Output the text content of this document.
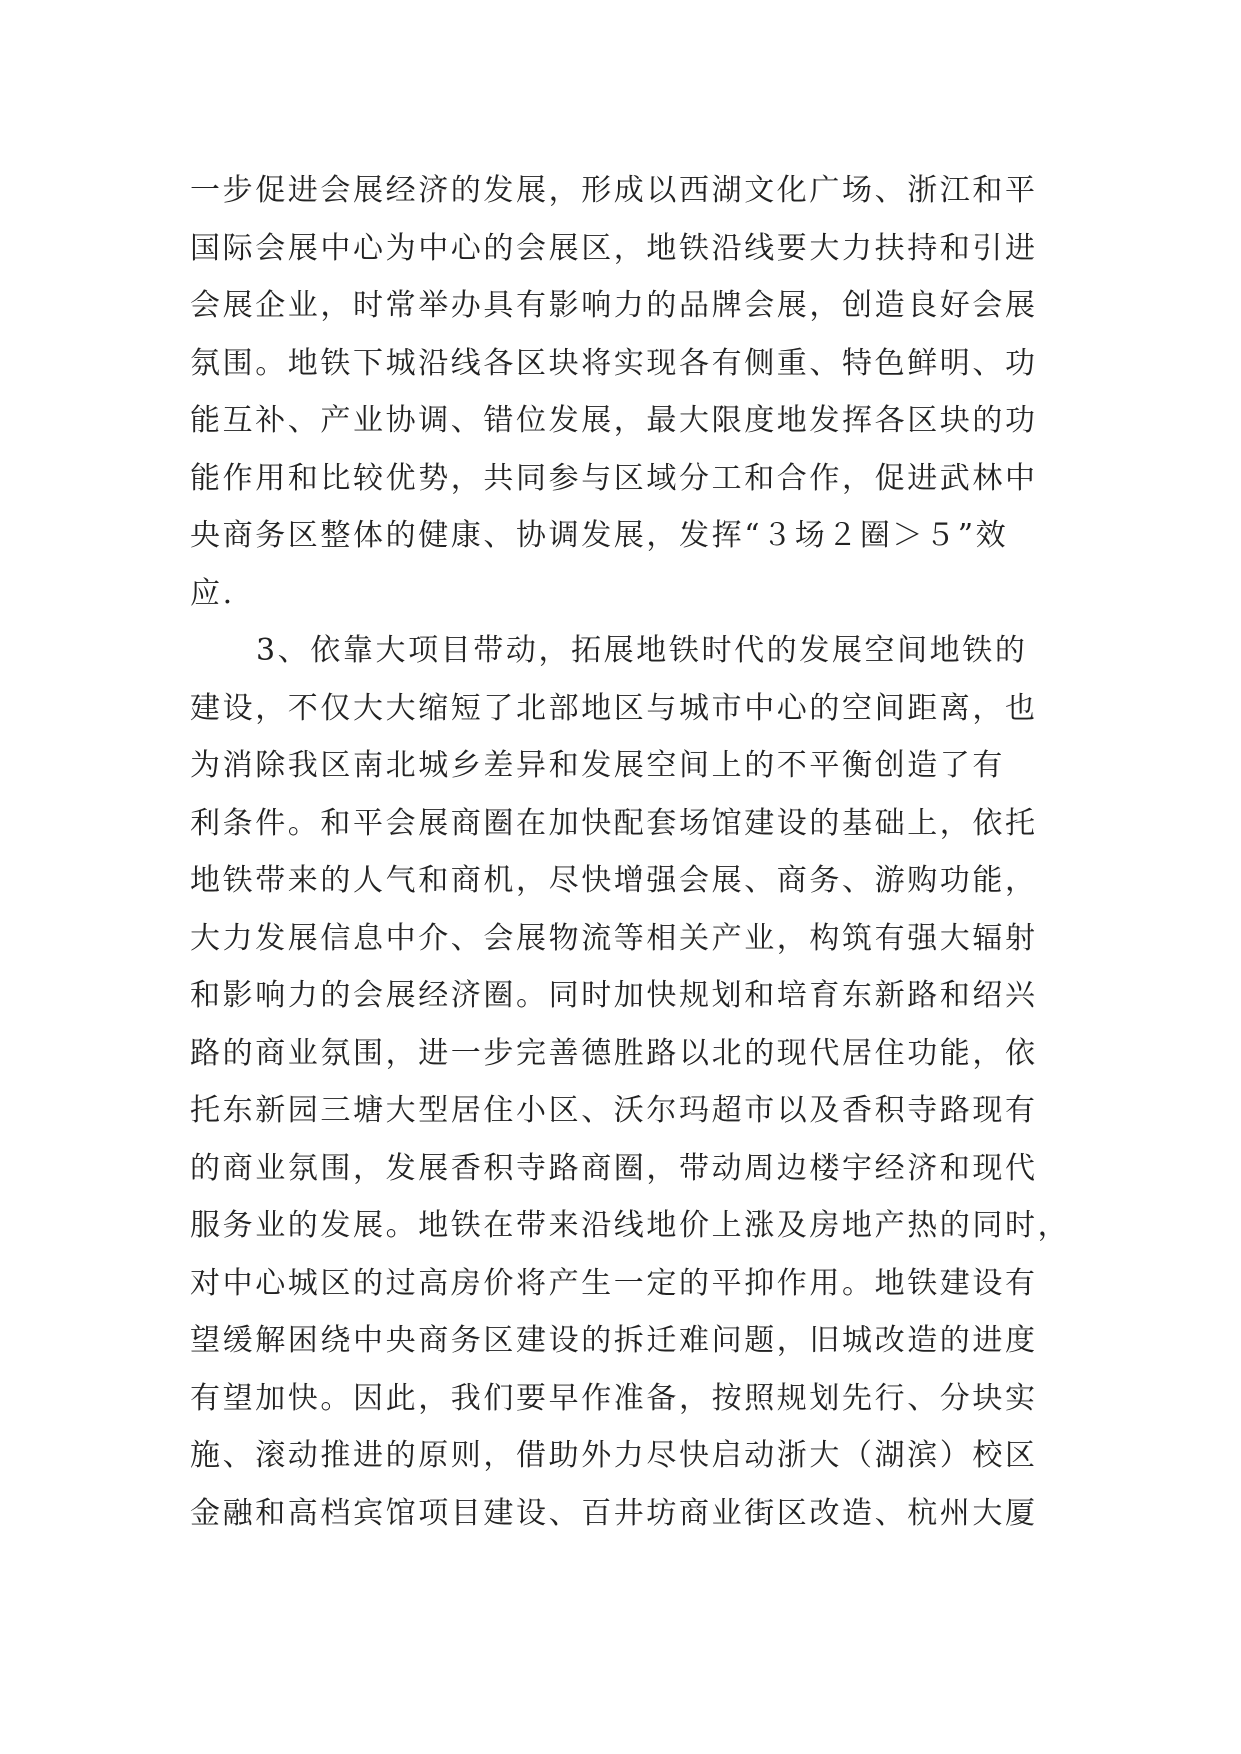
一步促进会展经济的发展，形成以西湖文化广场、浙江和平
国际会展中心为中心的会展区，地铁沿线要大力扶持和引进
会展企业，时常举办具有影响力的品牌会展，创造良好会展
氛围。地铁下城沿线各区块将实现各有侧重、特色鲜明、功
能互补、产业协调、错位发展，最大限度地发挥各区块的功
能作用和比较优势，共同参与区域分工和合作，促进武林中
央商务区整体的健康、协调发展，发挥“３场２圈＞５”效
应.
3、依靠大项目带动，拓展地铁时代的发展空间地铁的
建设，不仅大大缩短了北部地区与城市中心的空间距离，也
为消除我区南北城乡差异和发展空间上的不平衡创造了有
利条件。和平会展商圈在加快配套场馆建设的基础上，依托
地铁带来的人气和商机，尽快增强会展、商务、游购功能，
大力发展信息中介、会展物流等相关产业，构筑有强大辐射
和影响力的会展经济圈。同时加快规划和培育东新路和绍兴
路的商业氛围，进一步完善德胜路以北的现代居住功能，依
托东新园三塘大型居住小区、沃尔玛超市以及香积寺路现有
的商业氛围，发展香积寺路商圈，带动周边楼宇经济和现代
服务业的发展。地铁在带来沿线地价上涨及房地产热的同时，
对中心城区的过高房价将产生一定的平抑作用。地铁建设有
望缓解困绕中央商务区建设的拆迁难问题，旧城改造的进度
有望加快。因此，我们要早作准备，按照规划先行、分块实
施、滚动推进的原则，借助外力尽快启动浙大（湖滨）校区
金融和高档宾馆项目建设、百井坊商业街区改造、杭州大厦
